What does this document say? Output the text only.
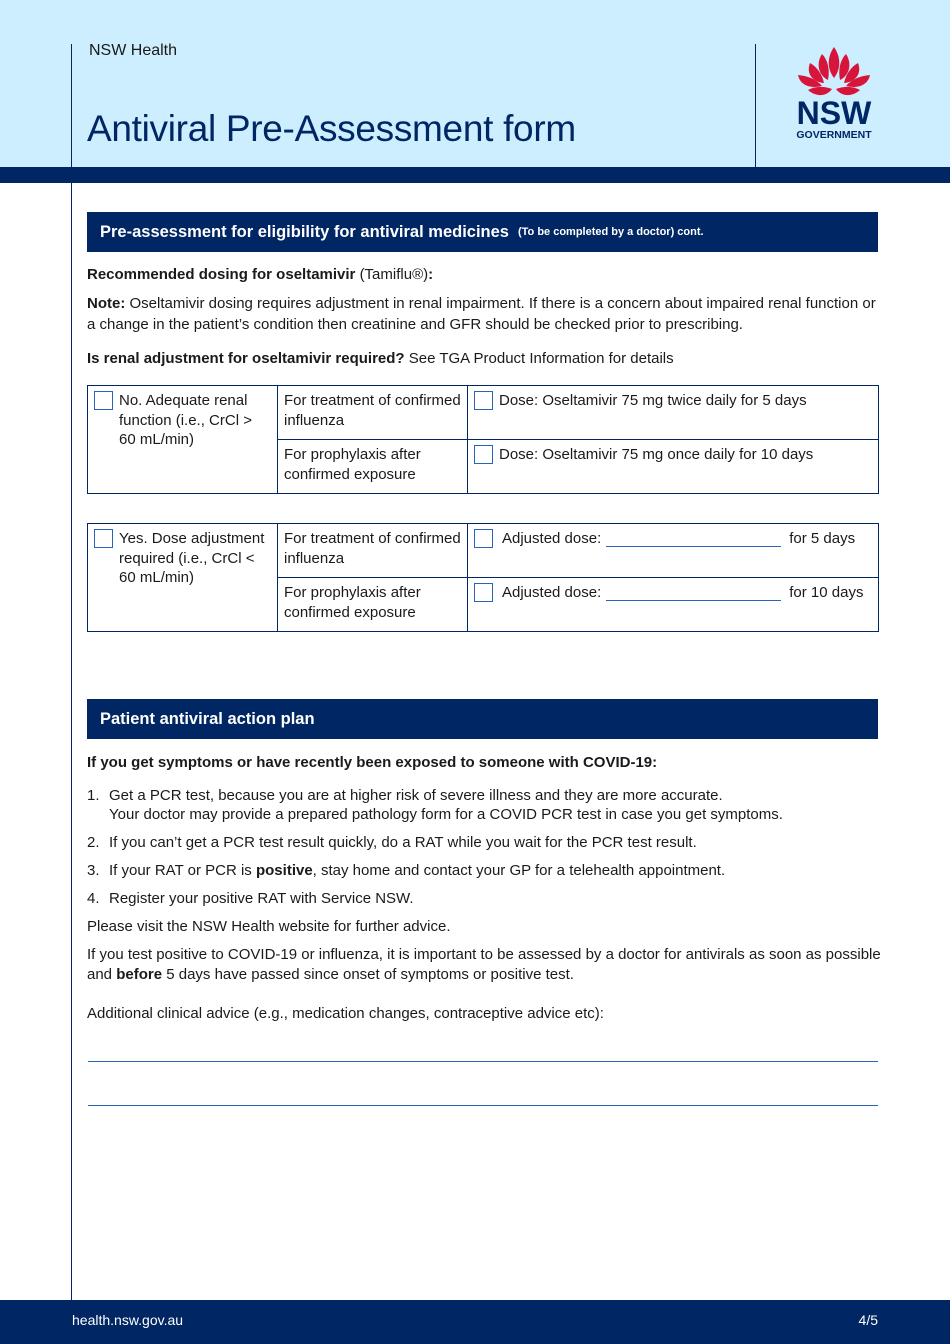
NSW Health
Antiviral Pre-Assessment form	NSW
GOVERNMENT
Pre-assessment for eligibility for antiviral medicines (To be completed by a doctor) cont.
Recommended dosing for oseltamivir (Tamiflu®):
Note: Oseltamivir dosing requires adjustment in renal impairment. If there is a concern about impaired renal function or a change in the patient’s condition then creatinine and GFR should be checked prior to prescribing.
Is renal adjustment for oseltamivir required? See TGA Product Information for details
No. Adequate renal function (i.e., CrCl > 60 mL/min)	For treatment of confirmed influenza	Dose: Oseltamivir 75 mg twice daily for 5 days

	For prophylaxis after confirmed exposure	Dose: Oseltamivir 75 mg once daily for 10 days
Yes. Dose adjustment required (i.e., CrCl < 60 mL/min)	For treatment of confirmed influenza	Adjusted dose: for 5 days

	For prophylaxis after confirmed exposure	Adjusted dose: for 10 days
Patient antiviral action plan
If you get symptoms or have recently been exposed to someone with COVID-19:
1. Get a PCR test, because you are at higher risk of severe illness and they are more accurate.
Your doctor may provide a prepared pathology form for a COVID PCR test in case you get symptoms.
2. If you can’t get a PCR test result quickly, do a RAT while you wait for the PCR test result.
3. If your RAT or PCR is positive, stay home and contact your GP for a telehealth appointment.
4. Register your positive RAT with Service NSW.
Please visit the NSW Health website for further advice.
If you test positive to COVID-19 or influenza, it is important to be assessed by a doctor for antivirals as soon as possible and before 5 days have passed since onset of symptoms or positive test.
Additional clinical advice (e.g., medication changes, contraceptive advice etc):
health.nsw.gov.au	4/5
